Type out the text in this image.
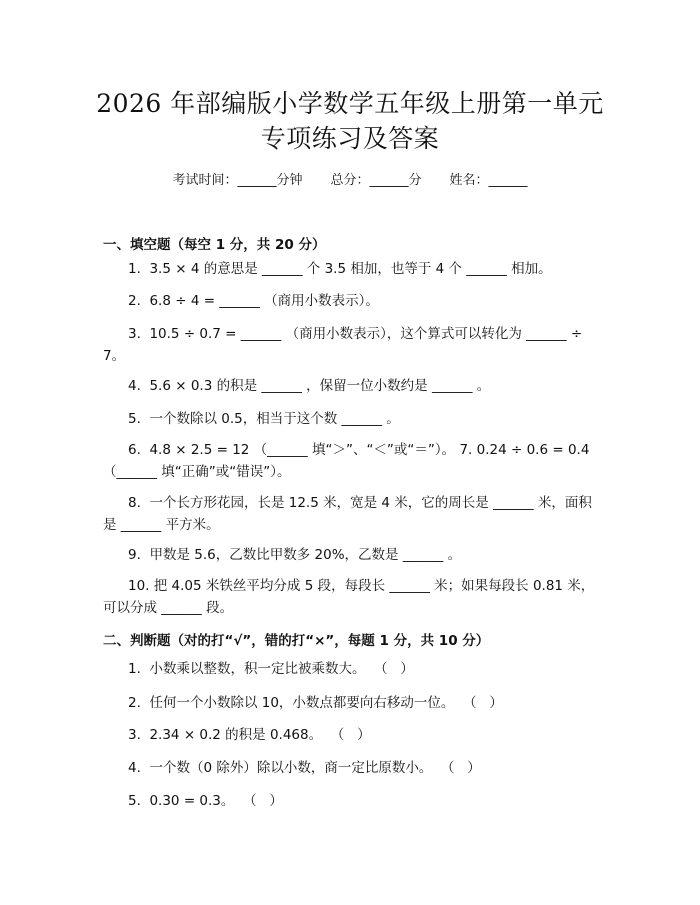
2026 年部编版小学数学五年级上册第一单元
专项练习及答案
考试时间：______分钟 总分：______分 姓名：______
一、填空题（每空 1 分，共 20 分）
1.  3.5 × 4 的意思是 ______ 个 3.5 相加，也等于 4 个 ______ 相加。
2.  6.8 ÷ 4 = ______ （商用小数表示）。
3.  10.5 ÷ 0.7 = ______ （商用小数表示），这个算式可以转化为 ______ ÷ 7。
4.  5.6 × 0.3 的积是 ______ ，保留一位小数约是 ______ 。
5.  一个数除以 0.5，相当于这个数 ______ 。
6.  4.8 × 2.5 = 12 （______ 填“＞”、“＜”或“＝”）。 7. 0.24 ÷ 0.6 = 0.4 （______ 填“正确”或“错误”）。
8.  一个长方形花园，长是 12.5 米，宽是 4 米，它的周长是 ______ 米，面积是 ______ 平方米。
9.  甲数是 5.6，乙数比甲数多 20%，乙数是 ______ 。
10. 把 4.05 米铁丝平均分成 5 段，每段长 ______ 米；如果每段长 0.81 米，可以分成 ______ 段。
二、判断题（对的打“√”，错的打“×”，每题 1 分，共 10 分）
1.  小数乘以整数，积一定比被乘数大。  （   ）
2.  任何一个小数除以 10，小数点都要向右移动一位。  （   ）
3.  2.34 × 0.2 的积是 0.468。  （   ）
4.  一个数（0 除外）除以小数，商一定比原数小。  （   ）
5.  0.30 = 0.3。  （   ）
